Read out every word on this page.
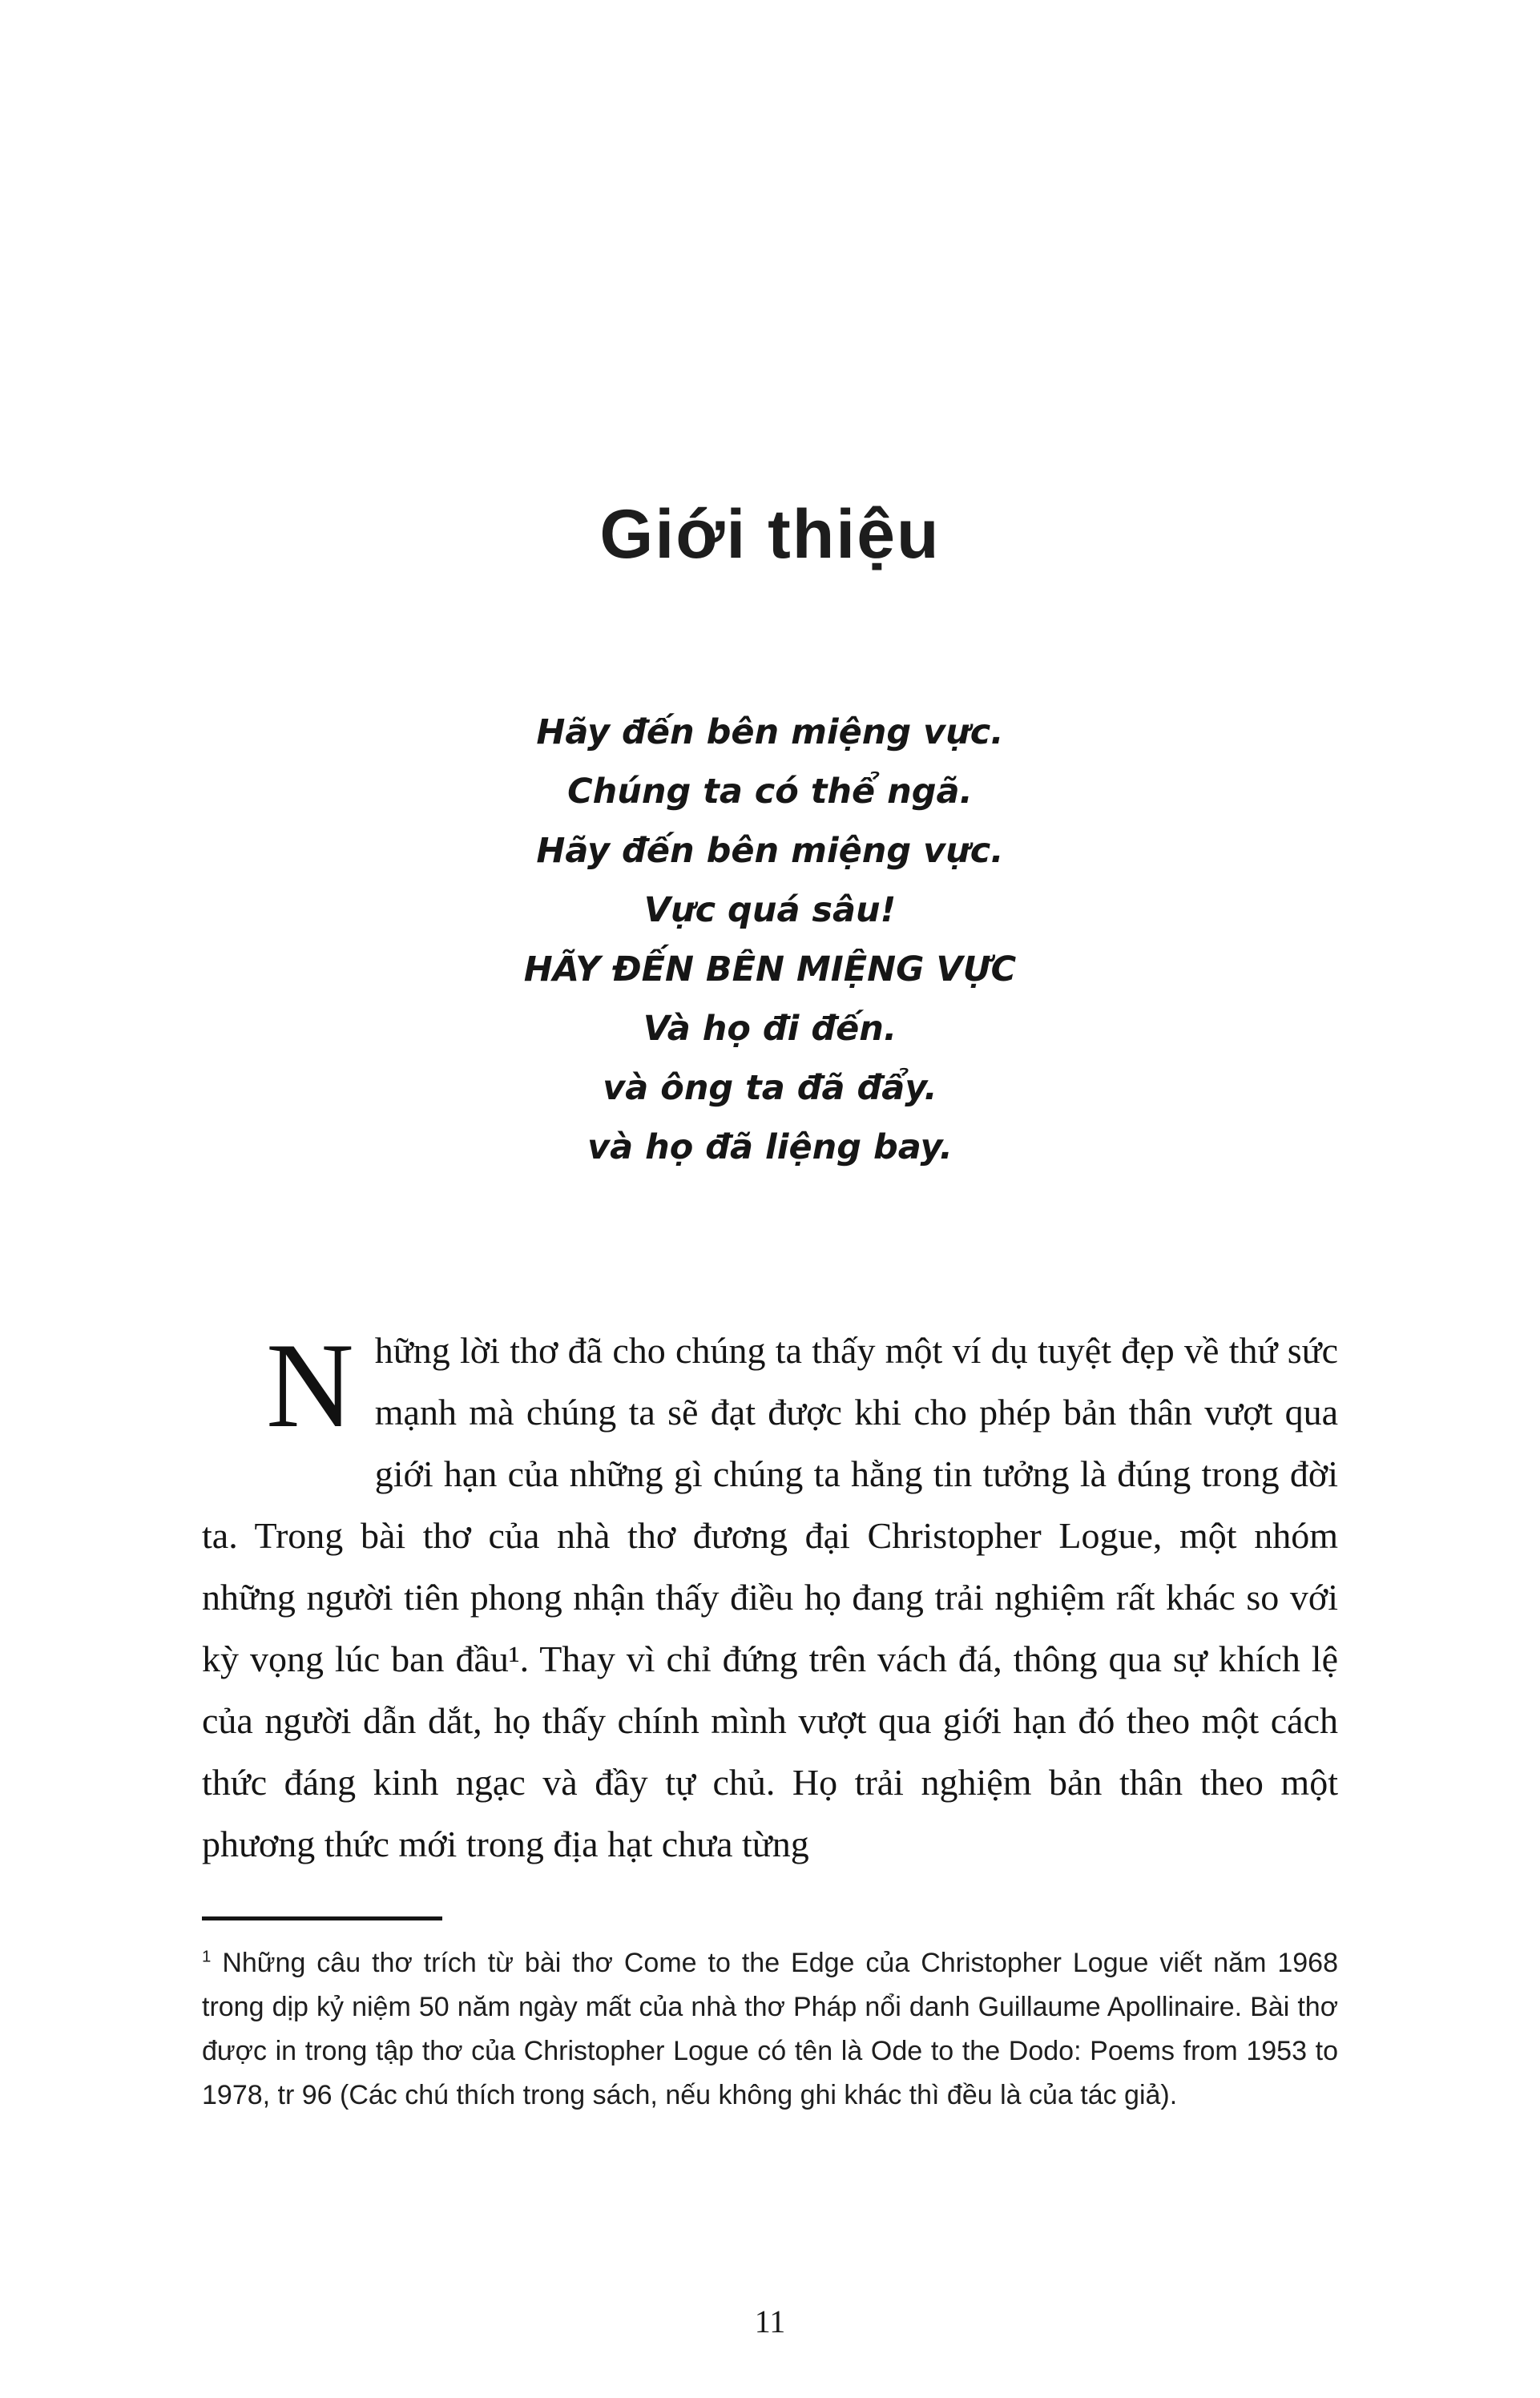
Giới thiệu
Hãy đến bên miệng vực.
Chúng ta có thể ngã.
Hãy đến bên miệng vực.
Vực quá sâu!
HÃY ĐẾN BÊN MIỆNG VỰC
Và họ đi đến.
và ông ta đã đẩy.
và họ đã liệng bay.

N hững lời thơ đã cho chúng ta thấy một ví dụ tuyệt đẹp về thứ sức mạnh mà chúng ta sẽ đạt được khi cho phép bản thân vượt qua giới hạn của những gì chúng ta hằng tin tưởng là đúng trong đời ta. Trong bài thơ của nhà thơ đương đại Christopher Logue, một nhóm những người tiên phong nhận thấy điều họ đang trải nghiệm rất khác so với kỳ vọng lúc ban đầu¹. Thay vì chỉ đứng trên vách đá, thông qua sự khích lệ của người dẫn dắt, họ thấy chính mình vượt qua giới hạn đó theo một cách thức đáng kinh ngạc và đầy tự chủ. Họ trải nghiệm bản thân theo một phương thức mới trong địa hạt chưa từng

$^1$ Những câu thơ trích từ bài thơ Come to the Edge của Christopher Logue viết năm 1968 trong dịp kỷ niệm 50 năm ngày mất của nhà thơ Pháp nổi danh Guillaume Apollinaire. Bài thơ được in trong tập thơ của Christopher Logue có tên là Ode to the Dodo: Poems from 1953 to 1978, tr 96 (Các chú thích trong sách, nếu không ghi khác thì đều là của tác giả).

11
